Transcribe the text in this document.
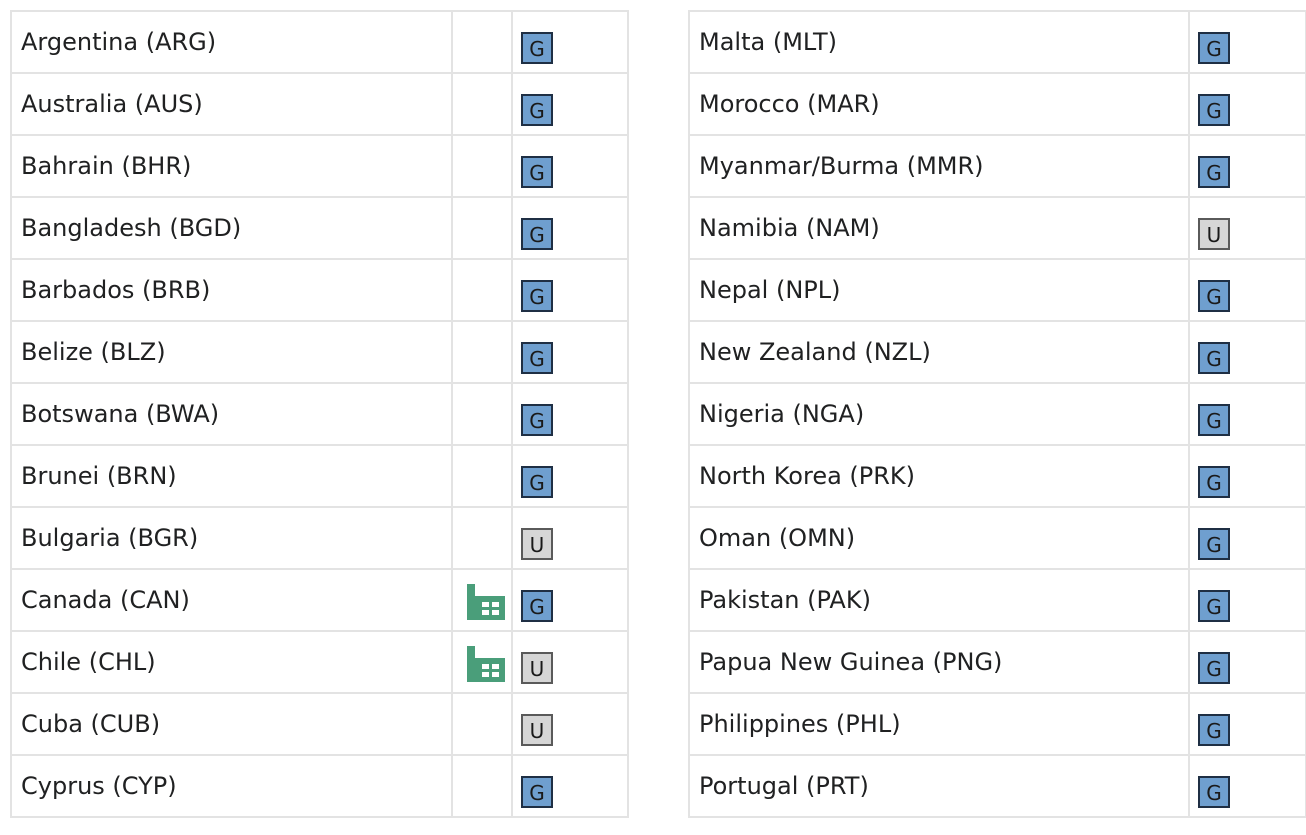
Argentina (ARG)		G
Australia (AUS)		G
Bahrain (BHR)		G
Bangladesh (BGD)		G
Barbados (BRB)		G
Belize (BLZ)		G
Botswana (BWA)		G
Brunei (BRN)		G
Bulgaria (BGR)		U
Canada (CAN)		G
Chile (CHL)		U
Cuba (CUB)		U
Cyprus (CYP)		G
Malta (MLT)	G
Morocco (MAR)	G
Myanmar/Burma (MMR)	G
Namibia (NAM)	U
Nepal (NPL)	G
New Zealand (NZL)	G
Nigeria (NGA)	G
North Korea (PRK)	G
Oman (OMN)	G
Pakistan (PAK)	G
Papua New Guinea (PNG)	G
Philippines (PHL)	G
Portugal (PRT)	G
